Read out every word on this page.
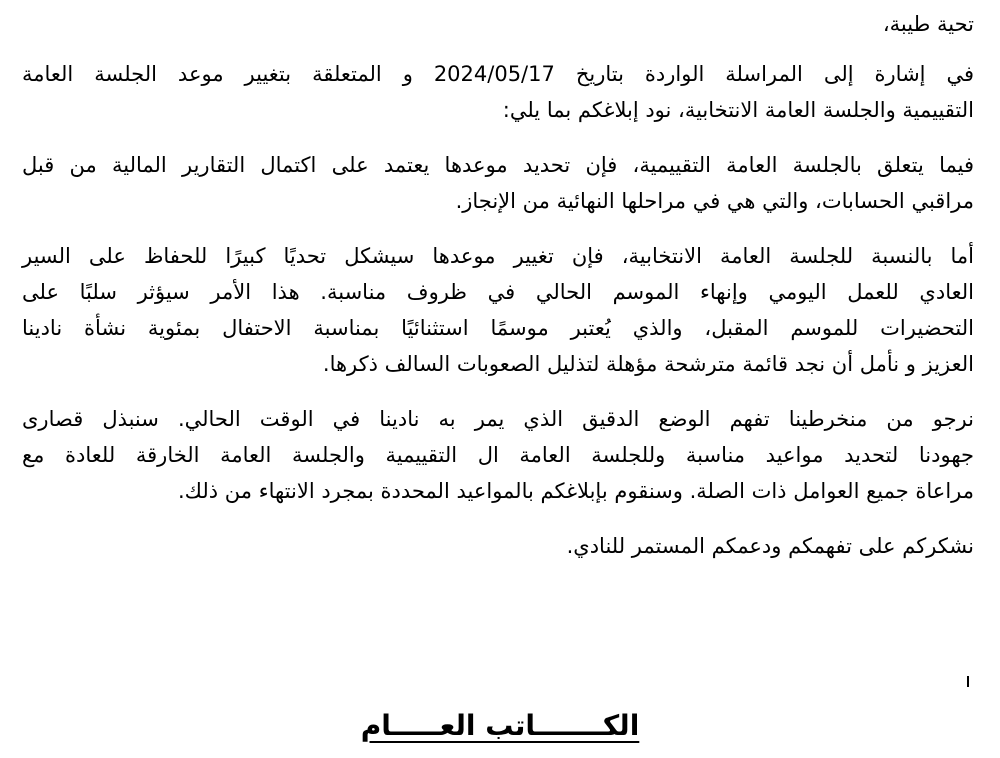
تحية طيبة،

في إشارة إلى المراسلة الواردة بتاريخ 2024/05/17 و المتعلقة بتغيير موعد الجلسة العامة
التقييمية والجلسة العامة الانتخابية، نود إبلاغكم بما يلي:

فيما يتعلق بالجلسة العامة التقييمية، فإن تحديد موعدها يعتمد على اكتمال التقارير المالية من قبل
مراقبي الحسابات، والتي هي في مراحلها النهائية من الإنجاز.

أما بالنسبة للجلسة العامة الانتخابية، فإن تغيير موعدها سيشكل تحديًا كبيرًا للحفاظ على السير
العادي للعمل اليومي وإنهاء الموسم الحالي في ظروف مناسبة. هذا الأمر سيؤثر سلبًا على
التحضيرات للموسم المقبل، والذي يُعتبر موسمًا استثنائيًا بمناسبة الاحتفال بمئوية نشأة نادينا
العزيز و نأمل أن نجد قائمة مترشحة مؤهلة لتذليل الصعوبات السالف ذكرها.

نرجو من منخرطينا تفهم الوضع الدقيق الذي يمر به نادينا في الوقت الحالي. سنبذل قصارى
جهودنا لتحديد مواعيد مناسبة وللجلسة العامة ال التقييمية والجلسة العامة الخارقة للعادة مع
مراعاة جميع العوامل ذات الصلة. وسنقوم بإبلاغكم بالمواعيد المحددة بمجرد الانتهاء من ذلك.

نشكركم على تفهمكم ودعمكم المستمر للنادي.

الكـــــــاتب العـــــام
